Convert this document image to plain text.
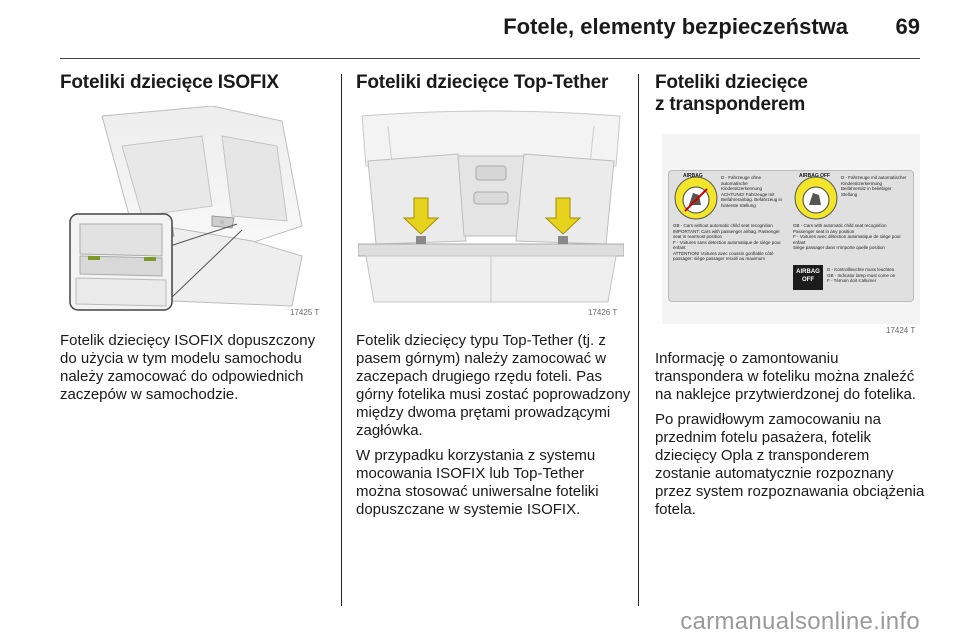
Fotele, elementy bezpieczeństwa 69
Foteliki dziecięce ISOFIX
17425 T

Fotelik dziecięcy ISOFIX dopuszczony do użycia w tym modelu samochodu należy zamocować do odpowiednich zaczepów w samochodzie.

Foteliki dziecięce Top-Tether
17426 T

Fotelik dziecięcy typu Top-Tether (tj. z pasem górnym) należy zamocować w zaczepach drugiego rzędu foteli. Pas górny fotelika musi zostać poprowadzony między dwoma prętami prowadzącymi zagłówka.

W przypadku korzystania z systemu mocowania ISOFIX lub Top-Tether można stosować uniwersalne foteliki dopuszczane w systemie ISOFIX.

Foteliki dziecięce
z transponderem
AIRBAG	D - Fahrzeuge ohne automatische Kindersitzerkennung
ACHTUNG! Fahrzeuge mit Beifahrerairbag. Befahrzeug in hinterste Stellung
GB - Cars without automatic child seat recognition
IMPORTANT: Cars with passenger airbag. Passenger seat in rearmost position
F - Voitures sans detection automatique de siège pour enfant
ATTENTION! Voitures avec coussin gonflable côté passager: siège passager reculé au maximum
AIRBAG OFF	D - Fahrzeuge mit automatischer Kindersitzerkennung
Beifahrersitz in beliebiger Stellung
GB - Cars with automatic child seat recognition
Passenger seat in any position
F - Voitures avec détection automatique de siège pour enfant
Siège passager dans n'importe quelle position
AIRBAG
OFF
D - Kontrollleuchte muss leuchten
GB - Indicator lamp must come on
F - Témoin doit s'allumer
17424 T

Informację o zamontowaniu transpondera w foteliku można znaleźć na naklejce przytwierdzonej do fotelika.

Po prawidłowym zamocowaniu na przednim fotelu pasażera, fotelik dziecięcy Opla z transponderem zostanie automatycznie rozpoznany przez system rozpoznawania obciążenia fotela.

carmanualsonline.info
